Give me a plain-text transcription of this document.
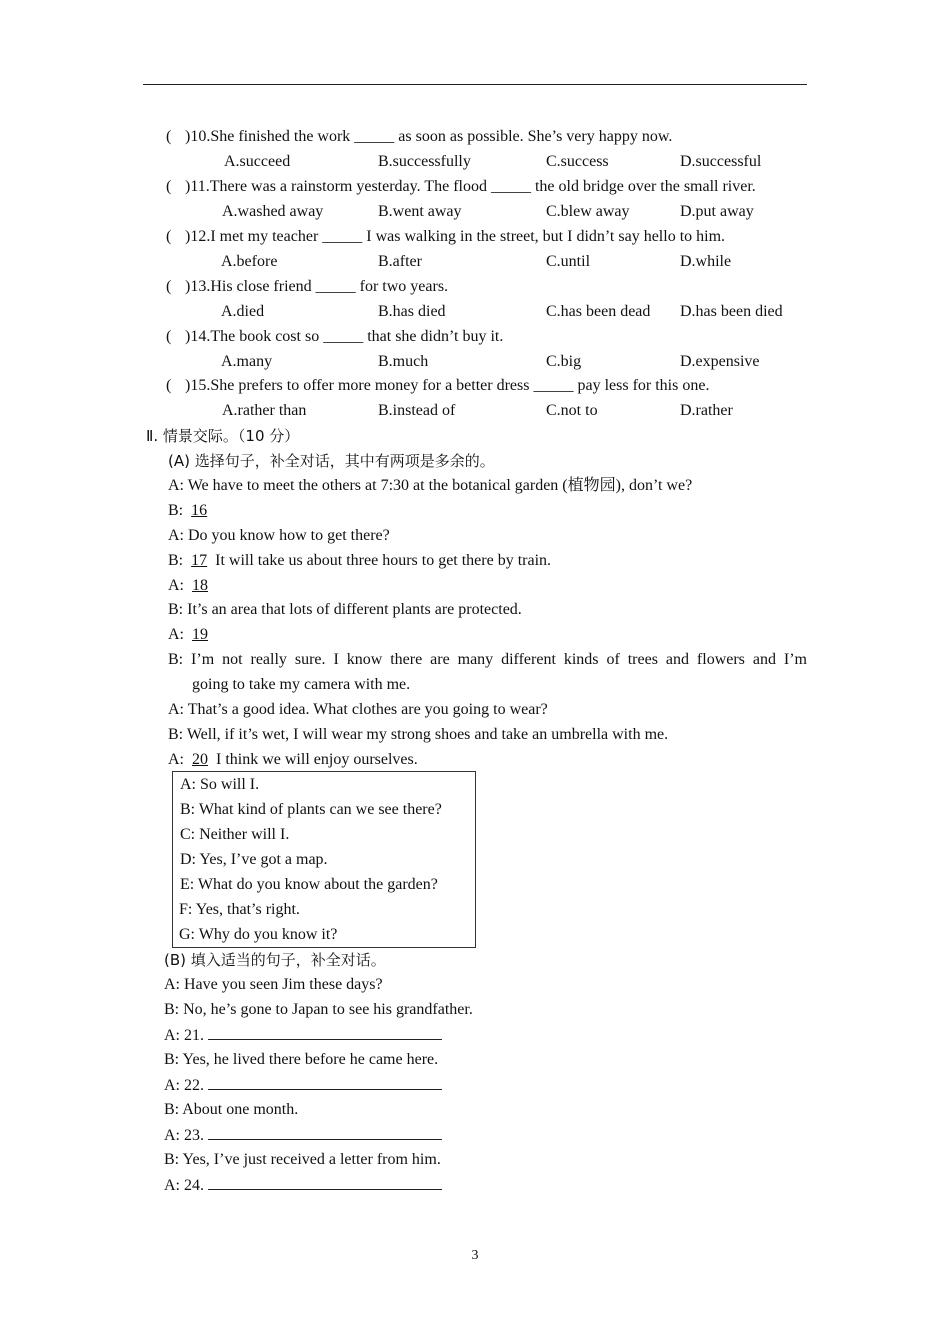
( )10.She finished the work _____ as soon as possible. She’s very happy now.
A.succeed	B.successfully	C.success	D.successful
( )11.There was a rainstorm yesterday. The flood _____ the old bridge over the small river.
A.washed away	B.went away	C.blew away	D.put away
( )12.I met my teacher _____ I was walking in the street, but I didn’t say hello to him.
A.before	B.after	C.until	D.while
( )13.His close friend _____ for two years.
A.died	B.has died	C.has been dead D.has been died
( )14.The book cost so _____ that she didn’t buy it.
A.many	B.much	C.big	D.expensive
( )15.She prefers to offer more money for a better dress _____ pay less for this one.
A.rather than	B.instead of	C.not to	D.rather
Ⅱ. 情景交际。（10 分）
(A) 选择句子，补全对话，其中有两项是多余的。
A: We have to meet the others at 7:30 at the botanical garden (植物园), don’t we?
B: 16
A: Do you know how to get there?
B: 17 It will take us about three hours to get there by train.
A: 18
B: It’s an area that lots of different plants are protected.
A: 19
B: I’m not really sure. I know there are many different kinds of trees and flowers and I’m
going to take my camera with me.
A: That’s a good idea. What clothes are you going to wear?
B: Well, if it’s wet, I will wear my strong shoes and take an umbrella with me.
A: 20 I think we will enjoy ourselves.
A: So will I.
B: What kind of plants can we see there?
C: Neither will I.
D: Yes, I’ve got a map.
E: What do you know about the garden?
F: Yes, that’s right.
G: Why do you know it?
(B) 填入适当的句子，补全对话。
A: Have you seen Jim these days?
B: No, he’s gone to Japan to see his grandfather.
A: 21.
B: Yes, he lived there before he came here.
A: 22.
B: About one month.
A: 23.
B: Yes, I’ve just received a letter from him.
A: 24.
3
